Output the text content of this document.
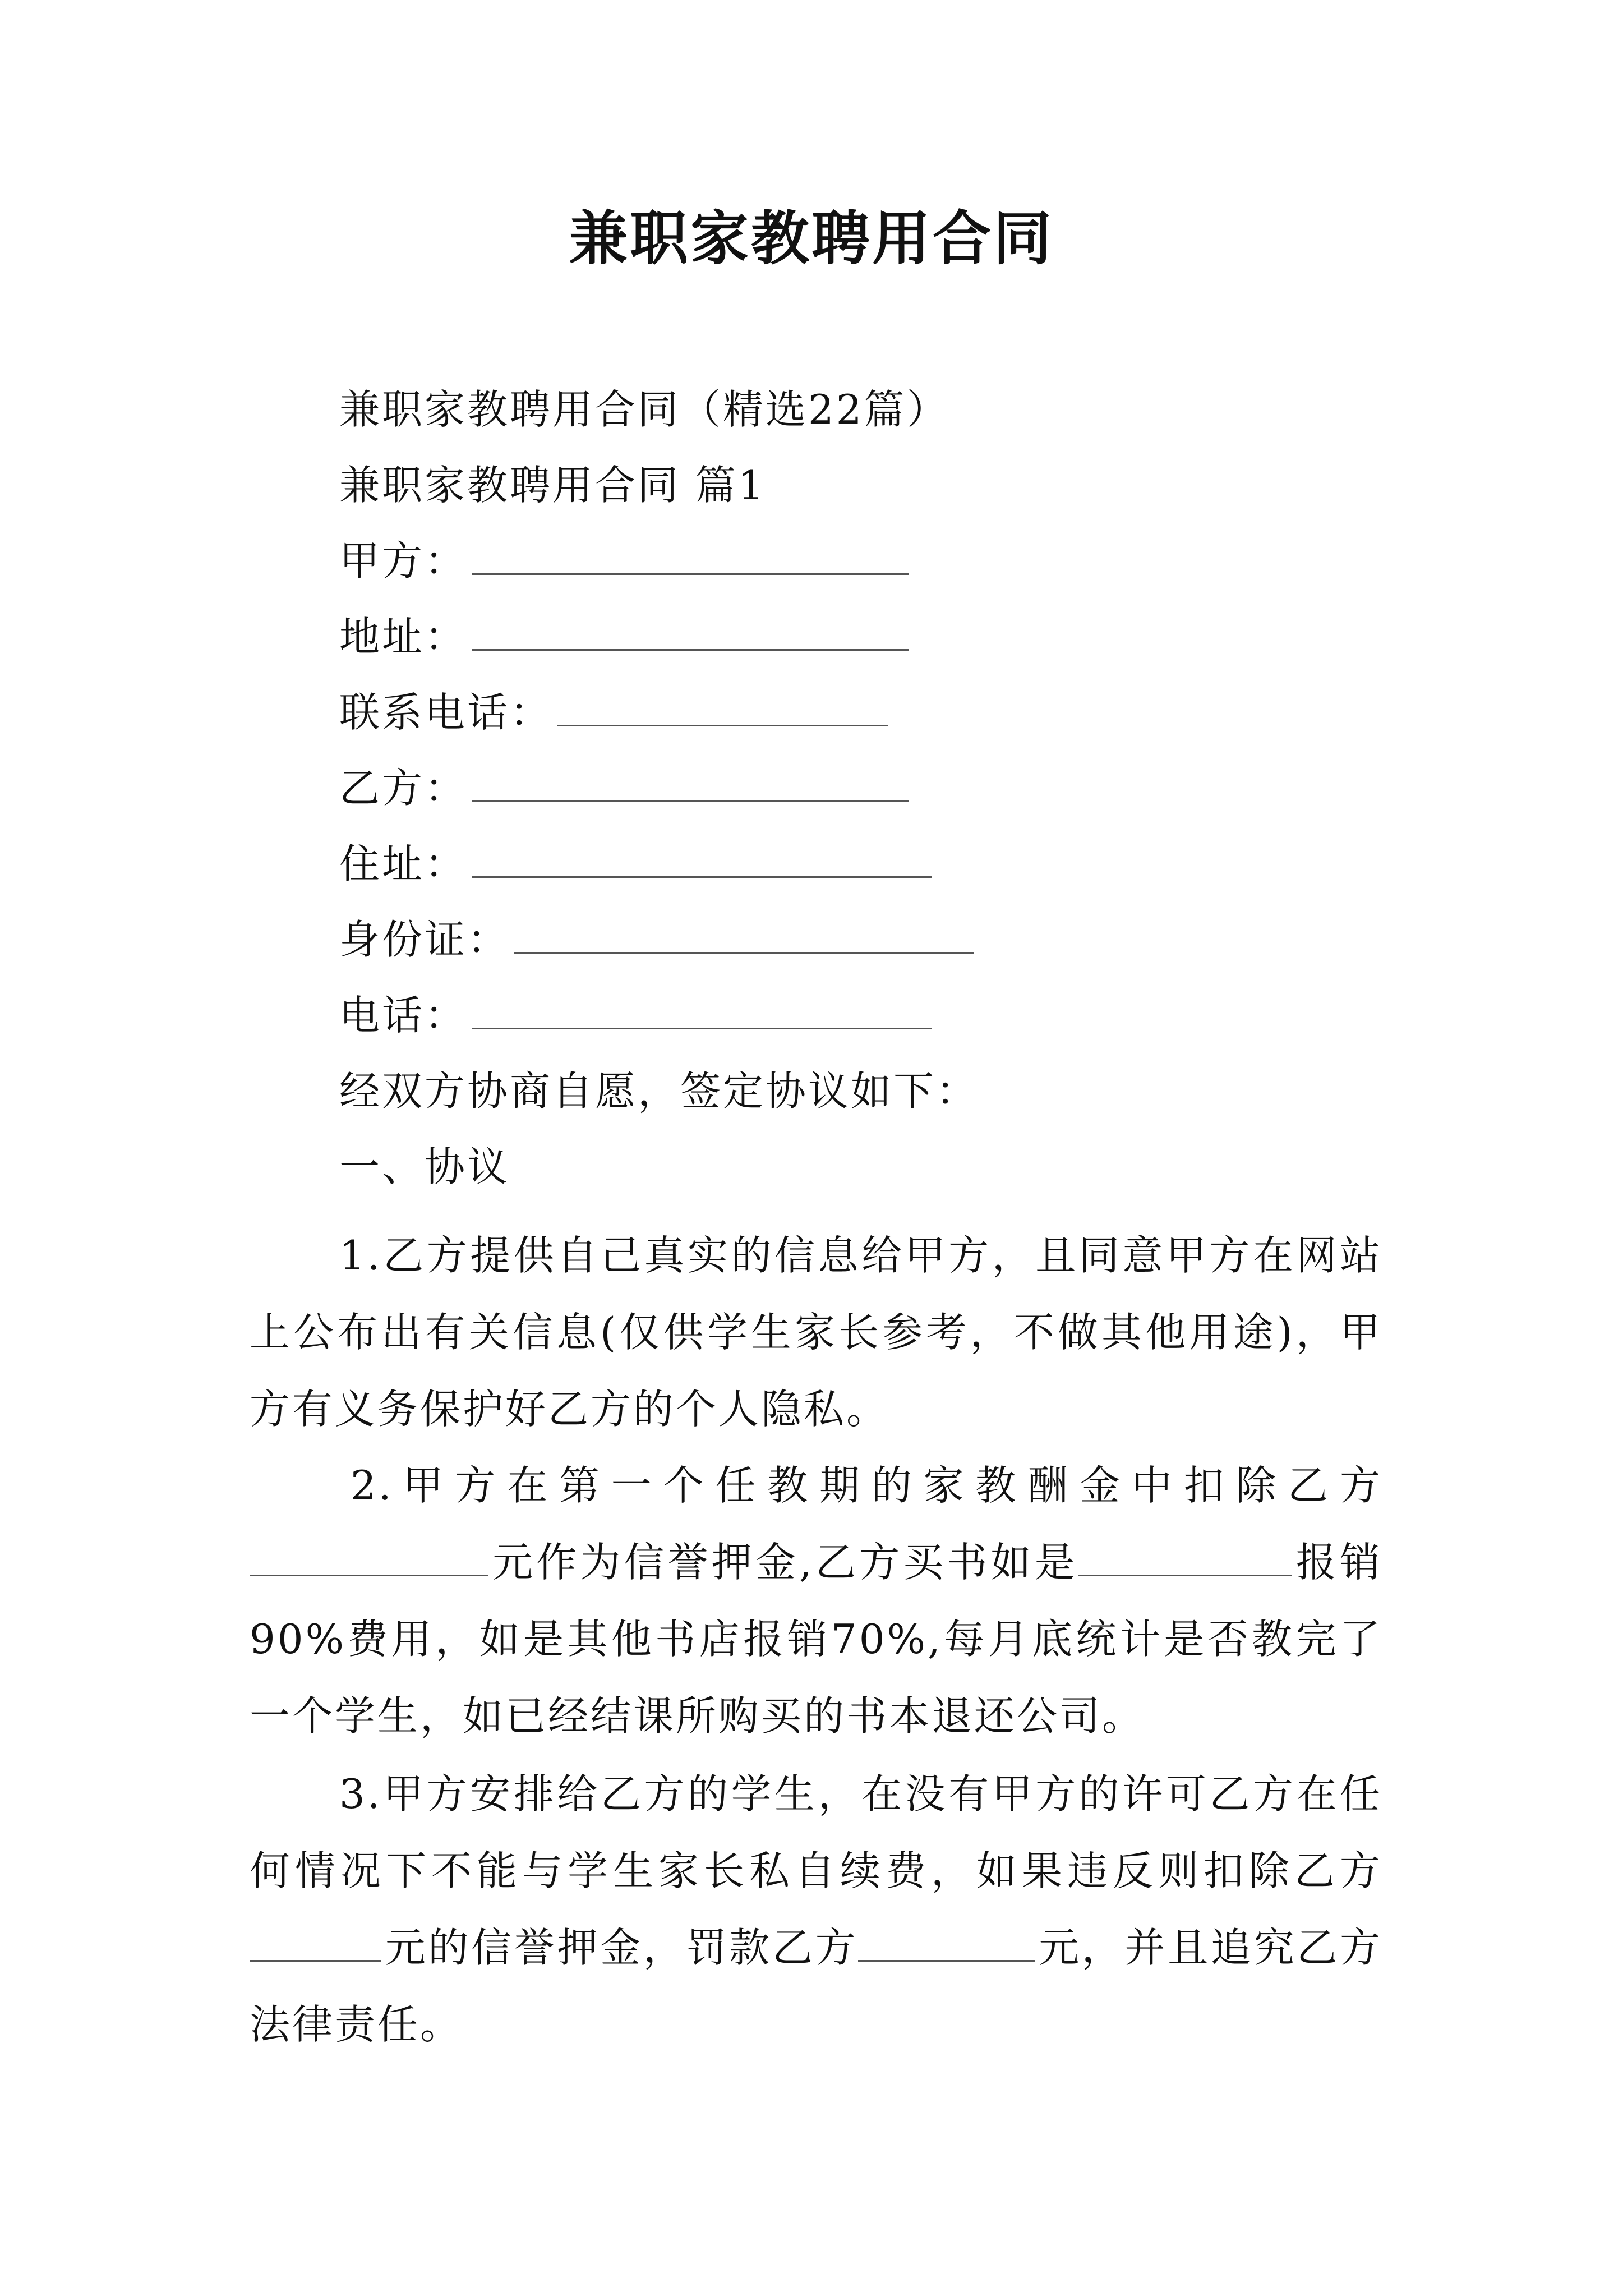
兼职家教聘用合同
兼职家教聘用合同（精选22篇）
兼职家教聘用合同 篇1
甲方：
地址：
联系电话：
乙方：
住址：
身份证：
电话：
经双方协商自愿，签定协议如下：
一、协议
1.乙方提供自己真实的信息给甲方，且同意甲方在网站上公布出有关信息(仅供学生家长参考，不做其他用途)，甲方有义务保护好乙方的个人隐私。
2.甲方在第一个任教期的家教酬金中扣除乙方元作为信誉押金,乙方买书如是	报销90%费用，如是其他书店报销70%,每月底统计是否教完了一个学生，如已经结课所购买的书本退还公司。
3.甲方安排给乙方的学生，在没有甲方的许可乙方在任何情况下不能与学生家长私自续费，如果违反则扣除乙方元的信誉押金，罚款乙方	元，并且追究乙方法律责任。
